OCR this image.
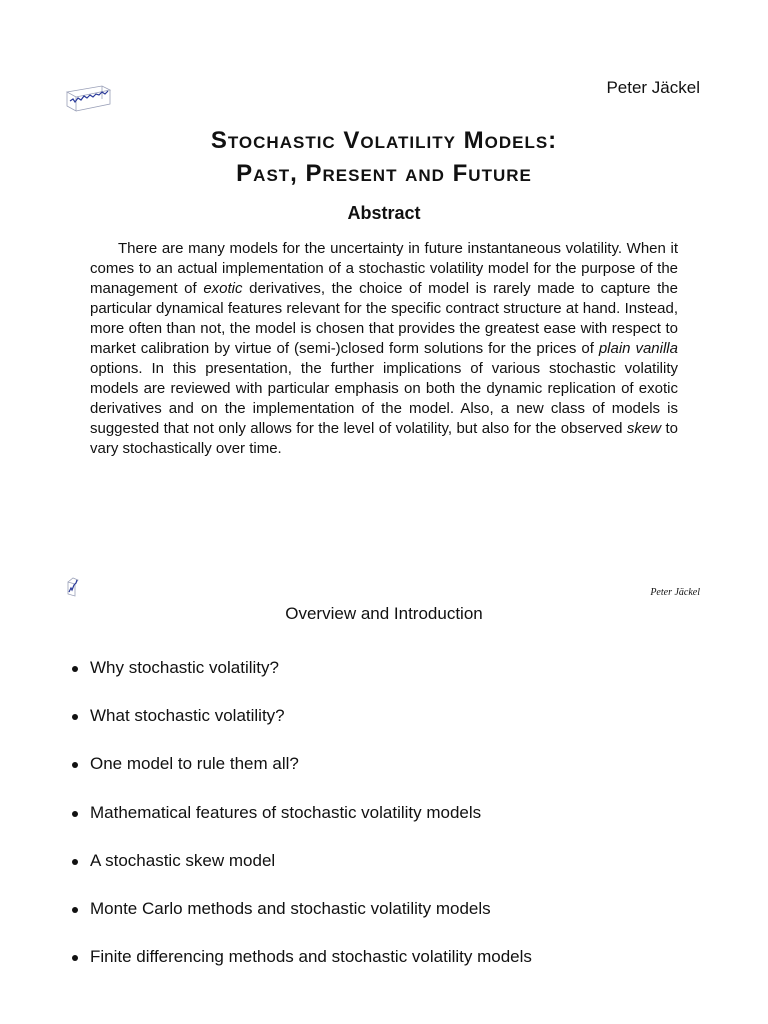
Peter Jäckel
Stochastic Volatility Models:
Past, Present and Future
Abstract

There are many models for the uncertainty in future instantaneous volatility. When it comes to an actual implementation of a stochastic volatility model for the purpose of the management of exotic derivatives, the choice of model is rarely made to capture the particular dynamical features relevant for the specific contract structure at hand. Instead, more often than not, the model is chosen that provides the greatest ease with respect to market calibration by virtue of (semi-)closed form solutions for the prices of plain vanilla options. In this presentation, the further implications of various stochastic volatility models are reviewed with particular emphasis on both the dynamic replication of exotic derivatives and on the implementation of the model. Also, a new class of models is suggested that not only allows for the level of volatility, but also for the observed skew to vary stochastically over time.

Peter Jäckel
Overview and Introduction
Why stochastic volatility?
What stochastic volatility?
One model to rule them all?
Mathematical features of stochastic volatility models
A stochastic skew model
Monte Carlo methods and stochastic volatility models
Finite differencing methods and stochastic volatility models
